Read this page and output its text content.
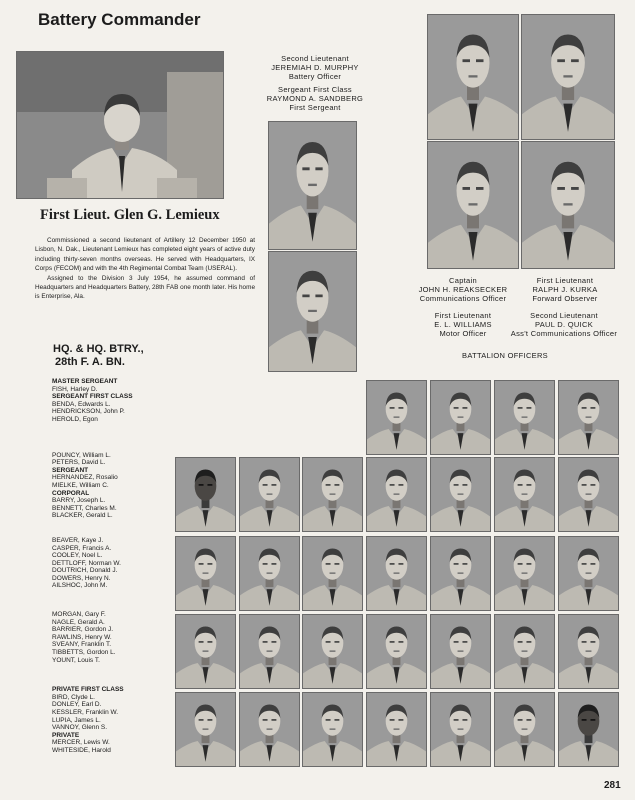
Battery Commander
First Lieut. Glen G. Lemieux
Commissioned a second lieutenant of Artillery 12 December 1950 at Lisbon, N. Dak., Lieutenant Lemieux has completed eight years of active duty including thirty-seven months overseas. He served with Headquarters, IX Corps (FECOM) and with the 4th Regimental Combat Team (USERAL).
Assigned to the Division 3 July 1954, he assumed command of Headquarters and Headquarters Battery, 28th FAB one month later. His home is Enterprise, Ala.
Second Lieutenant
JEREMIAH D. MURPHY
Battery Officer
Sergeant First Class
RAYMOND A. SANDBERG
First Sergeant
Captain
JOHN H. REAKSECKER
Communications Officer
First Lieutenant
RALPH J. KURKA
Forward Observer
First Lieutenant
E. L. WILLIAMS
Motor Officer
Second Lieutenant
PAUL D. QUICK
Ass't Communications Officer
BATTALION OFFICERS
HQ. & HQ. BTRY.,
28th F. A. BN.
MASTER SERGEANT
FISH, Harley D.
SERGEANT FIRST CLASS
BENDA, Edwards L.
HENDRICKSON, John P.
HEROLD, Egon
POUNCY, William L.
PETERS, David L.
SERGEANT
HERNANDEZ, Rosalio
MIELKE, William C.
CORPORAL
BARRY, Joseph L.
BENNETT, Charles M.
BLACKER, Gerald L.
BEAVER, Kaye J.
CASPER, Francis A.
COOLEY, Noel L.
DETTLOFF, Norman W.
DOUTRICH, Donald J.
DOWERS, Henry N.
AILSHOC, John M.
MORGAN, Gary F.
NAGLE, Gerald A.
BARRIER, Gordon J.
RAWLINS, Henry W.
SVEANY, Franklin T.
TIBBETTS, Gordon L.
YOUNT, Louis T.
PRIVATE FIRST CLASS
BIRD, Clyde L.
DONLEY, Earl D.
KESSLER, Franklin W.
LUPIA, James L.
VANNOY, Glenn S.
PRIVATE
MERCER, Lewis W.
WHITESIDE, Harold
281
